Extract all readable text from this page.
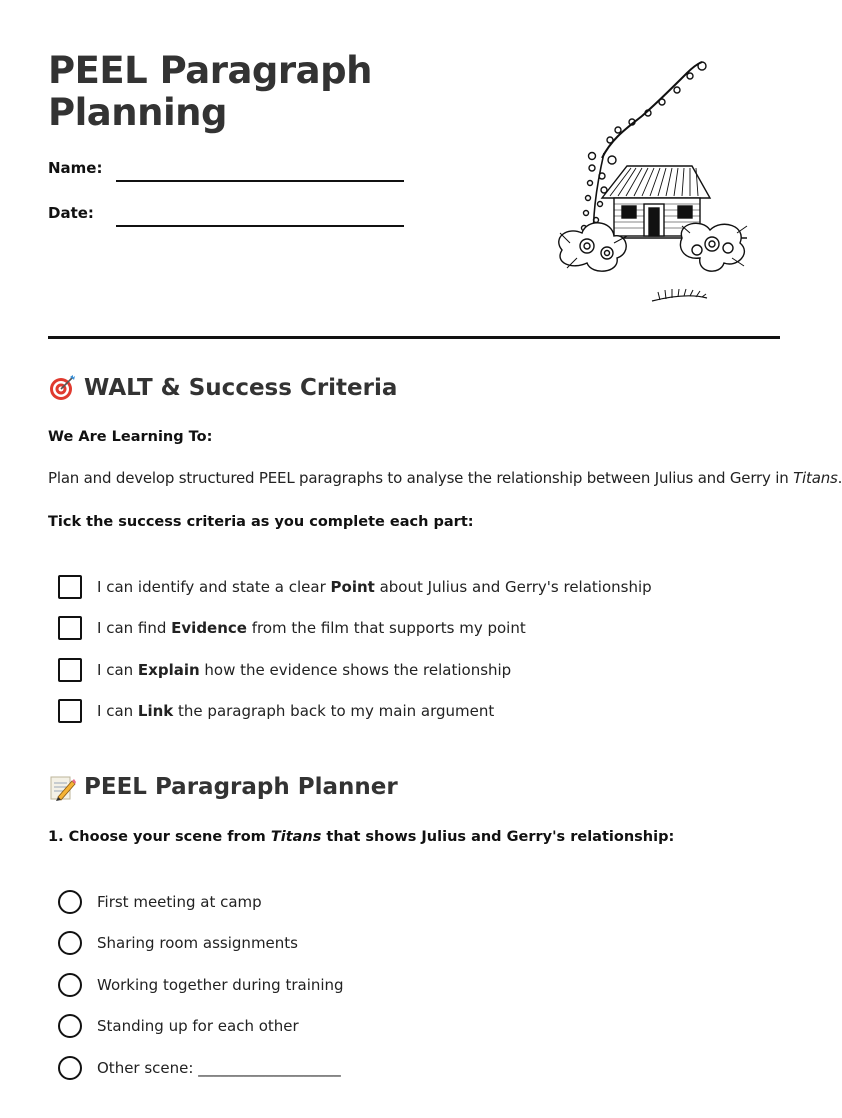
PEEL Paragraph
Planning
Name:
Date:
WALT & Success Criteria
We Are Learning To:
Plan and develop structured PEEL paragraphs to analyse the relationship between Julius and Gerry in Titans.
Tick the success criteria as you complete each part:
I can identify and state a clear Point about Julius and Gerry's relationship
I can find Evidence from the film that supports my point
I can Explain how the evidence shows the relationship
I can Link the paragraph back to my main argument
PEEL Paragraph Planner
1. Choose your scene from Titans that shows Julius and Gerry's relationship:
First meeting at camp
Sharing room assignments
Working together during training
Standing up for each other
Other scene: ___________________
